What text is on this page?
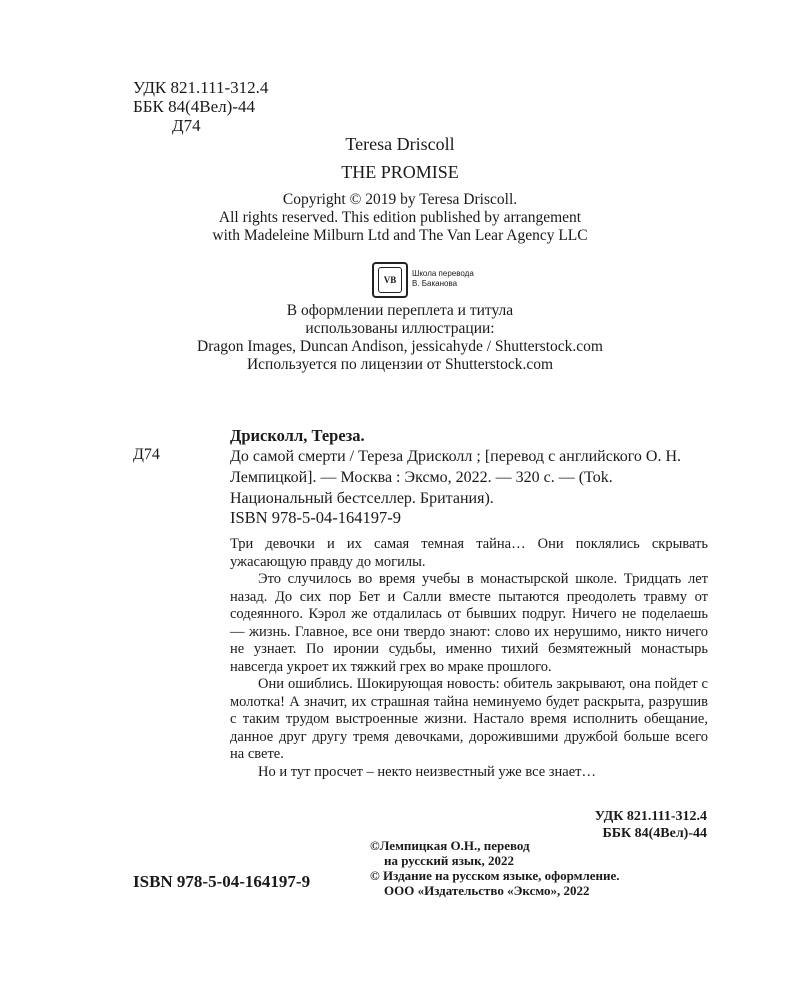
УДК 821.111-312.4
ББК 84(4Вел)-44
Д74
Teresa Driscoll
THE PROMISE
Copyright © 2019 by Teresa Driscoll.
All rights reserved. This edition published by arrangement
with Madeleine Milburn Ltd and The Van Lear Agency LLC
VB
Школа перевода
В. Баканова
В оформлении переплета и титула
использованы иллюстрации:
Dragon Images, Duncan Andison, jessicahyde / Shutterstock.com
Используется по лицензии от Shutterstock.com
Дрисколл, Тереза.
Д74	До самой смерти / Тереза Дрисколл ; [перевод с английского О. Н. Лемпицкой]. — Москва : Эксмо, 2022. — 320 с. — (Tok. Национальный бестселлер. Британия).
ISBN 978-5-04-164197-9

Три девочки и их самая темная тайна… Они поклялись скрывать ужасающую правду до могилы.

Это случилось во время учебы в монастырской школе. Тридцать лет назад. До сих пор Бет и Салли вместе пытаются преодолеть травму от содеянного. Кэрол же отдалилась от бывших подруг. Ничего не поделаешь — жизнь. Главное, все они твердо знают: слово их нерушимо, никто ничего не узнает. По иронии судьбы, именно тихий безмятежный монастырь навсегда укроет их тяжкий грех во мраке прошлого.

Они ошиблись. Шокирующая новость: обитель закрывают, она пойдет с молотка! А значит, их страшная тайна неминуемо будет раскрыта, разрушив с таким трудом выстроенные жизни. Настало время исполнить обещание, данное друг другу тремя девочками, дорожившими дружбой больше всего на свете.

Но и тут просчет – некто неизвестный уже все знает…

УДК 821.111-312.4
ББК 84(4Вел)-44
ISBN 978-5-04-164197-9
©Лемпицкая О.Н., перевод
на русский язык, 2022
© Издание на русском языке, оформление.
ООО «Издательство «Эксмо», 2022
